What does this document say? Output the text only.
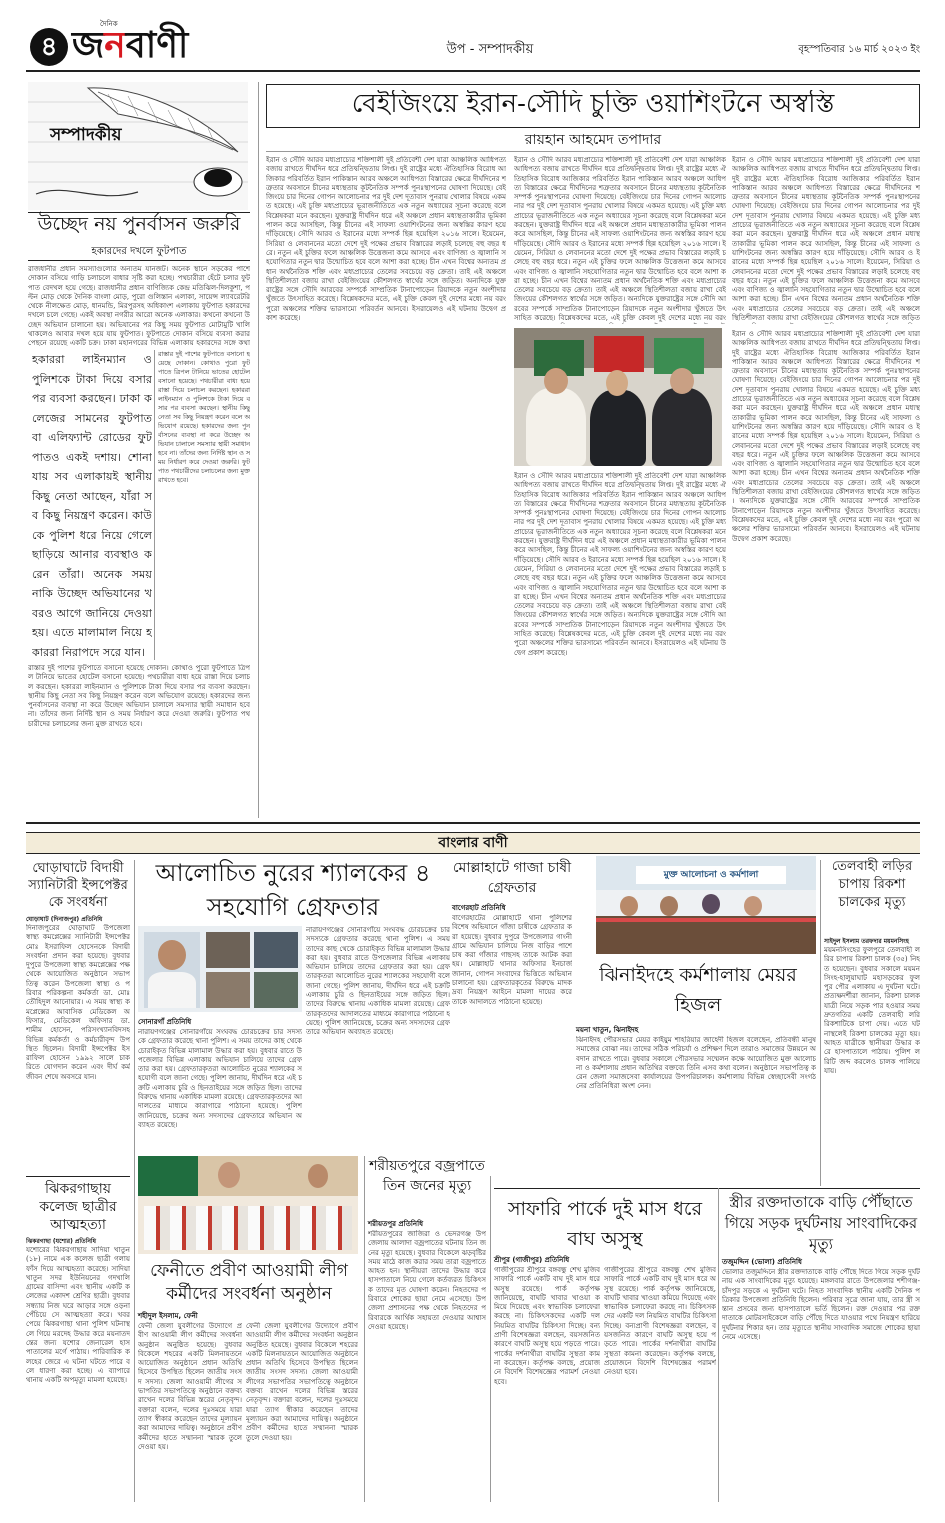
৪ জনবাণী
দৈনিক
উপ - সম্পাদকীয়	বৃহস্পতিবার ১৬ মার্চ ২০২৩ ইং
সম্পাদকীয়
উচ্ছেদ নয় পুনর্বাসন জরুরি
হকারদের দখলে ফুটপাত
রাজধানীর প্রধান সমস্যাগুলোর অন্যতম যানজট। অনেক স্থানে সড়কের পাশে দোকান বসিয়ে গাড়ি চলাচলে বাধার সৃষ্টি করা হচ্ছে। পথচারীরা হেঁটে চলার ফুটপাত বেদখল হয়ে গেছে। রাজধানীর প্রধান বাণিজ্যিক কেন্দ্র মতিঝিল-দিলকুশা, পল্টন মোড় থেকে দৈনিক বাংলা মোড়, পুরো গুলিস্তান এলাকা, সায়েন্স ল্যাবরেটরি থেকে নীলক্ষেত মোড়, ধানমন্ডি, মিরপুরসহ অধিকাংশ এলাকায় ফুটপাত হকারদের দখলে চলে গেছে। একই অবস্থা নগরীর আরো অনেক এলাকার। কখনো কখনো উচ্ছেদ অভিযান চালানো হয়। অভিযানের পর কিছু সময় ফুটপাত মোটামুটি খালি থাকলেও আবার দখল হয়ে যায় ফুটপাত। ফুটপাতে দোকান বসিয়ে ব্যবসা করার পেছনে রয়েছে একটি চক্র। ঢাকা মহানগরের বিভিন্ন এলাকায় হকারদের সঙ্গে কথা
হকাররা লাইনম্যান ও পুলিশকে টাকা দিয়ে বসার পর ব্যবসা করছেন। ঢাকা কলেজের সামনের ফুটপাত বা এলিফ্যান্ট রোডের ফুটপাতও একই দশায়। শোনা যায় সব এলাকায়ই স্থানীয় কিছু নেতা আছেন, যাঁরা সব কিছু নিয়ন্ত্রণ করেন। কাউকে পুলিশ ধরে নিয়ে গেলে ছাড়িয়ে আনার ব্যবস্থাও করেন তাঁরা। অনেক সময় নাকি উচ্ছেদ অভিযানের খবরও আগে জানিয়ে দেওয়া হয়। এতে মালামাল নিয়ে হকাররা নিরাপদে সরে যান।
রাস্তার দুই পাশের ফুটপাতে বসানো হয়েছে দোকান। কোথাও পুরো ফুটপাতে ত্রিপল টানিয়ে ভাতের হোটেল বসানো হয়েছে। পথচারীরা বাধ্য হয়ে রাস্তা দিয়ে চলাচল করছেন। হকাররা লাইনম্যান ও পুলিশকে টাকা দিয়ে বসার পর ব্যবসা করছেন। স্থানীয় কিছু নেতা সব কিছু নিয়ন্ত্রণ করেন বলে অভিযোগ রয়েছে। হকারদের জন্য পুনর্বাসনের ব্যবস্থা না করে উচ্ছেদ অভিযান চালালে সমস্যার স্থায়ী সমাধান হবে না। তাঁদের জন্য নির্দিষ্ট স্থান ও সময় নির্ধারণ করে দেওয়া জরুরি। ফুটপাত পথচারীদের চলাচলের জন্য মুক্ত রাখতে হবে।
রাস্তার দুই পাশের ফুটপাতে বসানো হয়েছে দোকান। কোথাও পুরো ফুটপাতে ত্রিপল টানিয়ে ভাতের হোটেল বসানো হয়েছে। পথচারীরা বাধ্য হয়ে রাস্তা দিয়ে চলাচল করছেন। হকাররা লাইনম্যান ও পুলিশকে টাকা দিয়ে বসার পর ব্যবসা করছেন। স্থানীয় কিছু নেতা সব কিছু নিয়ন্ত্রণ করেন বলে অভিযোগ রয়েছে। হকারদের জন্য পুনর্বাসনের ব্যবস্থা না করে উচ্ছেদ অভিযান চালালে সমস্যার স্থায়ী সমাধান হবে না। তাঁদের জন্য নির্দিষ্ট স্থান ও সময় নির্ধারণ করে দেওয়া জরুরি। ফুটপাত পথচারীদের চলাচলের জন্য মুক্ত রাখতে হবে।
বেইজিংয়ে ইরান-সৌদি চুক্তি ওয়াশিংটনে অস্বস্তি
রায়হান আহমেদ তপাদার
ইরান ও সৌদি আরব মধ্যপ্রাচ্যের শক্তিশালী দুই প্রতিবেশী দেশ যারা আঞ্চলিক আধিপত্য বজায় রাখতে দীর্ঘদিন ধরে প্রতিদ্বন্দ্বিতায় লিপ্ত। দুই রাষ্ট্রের মধ্যে ঐতিহাসিক বিরোধ আজিকার পরিবর্তিত ইরান পাকিস্তান আরব অঞ্চলে আধিপত্য বিস্তারের ক্ষেত্রে দীর্ঘদিনের শত্রুতার অবসানে চীনের মধ্যস্থতায় কূটনৈতিক সম্পর্ক পুনঃস্থাপনের ঘোষণা দিয়েছে। বেইজিংয়ে চার দিনের গোপন আলোচনার পর দুই দেশ দূতাবাস পুনরায় খোলার বিষয়ে একমত হয়েছে। এই চুক্তি মধ্যপ্রাচ্যের ভূরাজনীতিতে এক নতুন অধ্যায়ের সূচনা করেছে বলে বিশ্লেষকরা মনে করছেন। যুক্তরাষ্ট্র দীর্ঘদিন ধরে এই অঞ্চলে প্রধান মধ্যস্থতাকারীর ভূমিকা পালন করে আসছিল, কিন্তু চীনের এই সাফল্য ওয়াশিংটনের জন্য অস্বস্তির কারণ হয়ে দাঁড়িয়েছে। সৌদি আরব ও ইরানের মধ্যে সম্পর্ক ছিন্ন হয়েছিল ২০১৬ সালে। ইয়েমেন, সিরিয়া ও লেবাননের মতো দেশে দুই পক্ষের প্রভাব বিস্তারের লড়াই চলেছে বহু বছর ধরে। নতুন এই চুক্তির ফলে আঞ্চলিক উত্তেজনা কমে আসবে এবং বাণিজ্য ও জ্বালানি সহযোগিতার নতুন দ্বার উন্মোচিত হবে বলে আশা করা হচ্ছে। চীন এখন বিশ্বের অন্যতম প্রধান অর্থনৈতিক শক্তি এবং মধ্যপ্রাচ্যের তেলের সবচেয়ে বড় ক্রেতা। তাই এই অঞ্চলে স্থিতিশীলতা বজায় রাখা বেইজিংয়ের কৌশলগত স্বার্থের সঙ্গে জড়িত। অন্যদিকে যুক্তরাষ্ট্রের সঙ্গে সৌদি আরবের সম্পর্কে সাম্প্রতিক টানাপোড়েন রিয়াদকে নতুন অংশীদার খুঁজতে উৎসাহিত করেছে। বিশ্লেষকদের মতে, এই চুক্তি কেবল দুই দেশের মধ্যে নয় বরং পুরো অঞ্চলের শক্তির ভারসাম্যে পরিবর্তন আনবে। ইসরায়েলও এই ঘটনায় উদ্বেগ প্রকাশ করেছে।
ইরান ও সৌদি আরব মধ্যপ্রাচ্যের শক্তিশালী দুই প্রতিবেশী দেশ যারা আঞ্চলিক আধিপত্য বজায় রাখতে দীর্ঘদিন ধরে প্রতিদ্বন্দ্বিতায় লিপ্ত। দুই রাষ্ট্রের মধ্যে ঐতিহাসিক বিরোধ আজিকার পরিবর্তিত ইরান পাকিস্তান আরব অঞ্চলে আধিপত্য বিস্তারের ক্ষেত্রে দীর্ঘদিনের শত্রুতার অবসানে চীনের মধ্যস্থতায় কূটনৈতিক সম্পর্ক পুনঃস্থাপনের ঘোষণা দিয়েছে। বেইজিংয়ে চার দিনের গোপন আলোচনার পর দুই দেশ দূতাবাস পুনরায় খোলার বিষয়ে একমত হয়েছে। এই চুক্তি মধ্যপ্রাচ্যের ভূরাজনীতিতে এক নতুন অধ্যায়ের সূচনা করেছে বলে বিশ্লেষকরা মনে করছেন। যুক্তরাষ্ট্র দীর্ঘদিন ধরে এই অঞ্চলে প্রধান মধ্যস্থতাকারীর ভূমিকা পালন করে আসছিল, কিন্তু চীনের এই সাফল্য ওয়াশিংটনের জন্য অস্বস্তির কারণ হয়ে দাঁড়িয়েছে। সৌদি আরব ও ইরানের মধ্যে সম্পর্ক ছিন্ন হয়েছিল ২০১৬ সালে। ইয়েমেন, সিরিয়া ও লেবাননের মতো দেশে দুই পক্ষের প্রভাব বিস্তারের লড়াই চলেছে বহু বছর ধরে। নতুন এই চুক্তির ফলে আঞ্চলিক উত্তেজনা কমে আসবে এবং বাণিজ্য ও জ্বালানি সহযোগিতার নতুন দ্বার উন্মোচিত হবে বলে আশা করা হচ্ছে। চীন এখন বিশ্বের অন্যতম প্রধান অর্থনৈতিক শক্তি এবং মধ্যপ্রাচ্যের তেলের সবচেয়ে বড় ক্রেতা। তাই এই অঞ্চলে স্থিতিশীলতা বজায় রাখা বেইজিংয়ের কৌশলগত স্বার্থের সঙ্গে জড়িত। অন্যদিকে যুক্তরাষ্ট্রের সঙ্গে সৌদি আরবের সম্পর্কে সাম্প্রতিক টানাপোড়েন রিয়াদকে নতুন অংশীদার খুঁজতে উৎসাহিত করেছে। বিশ্লেষকদের মতে, এই চুক্তি কেবল দুই দেশের মধ্যে নয় বরং
ইরান ও সৌদি আরব মধ্যপ্রাচ্যের শক্তিশালী দুই প্রতিবেশী দেশ যারা আঞ্চলিক আধিপত্য বজায় রাখতে দীর্ঘদিন ধরে প্রতিদ্বন্দ্বিতায় লিপ্ত। দুই রাষ্ট্রের মধ্যে ঐতিহাসিক বিরোধ আজিকার পরিবর্তিত ইরান পাকিস্তান আরব অঞ্চলে আধিপত্য বিস্তারের ক্ষেত্রে দীর্ঘদিনের শত্রুতার অবসানে চীনের মধ্যস্থতায় কূটনৈতিক সম্পর্ক পুনঃস্থাপনের ঘোষণা দিয়েছে। বেইজিংয়ে চার দিনের গোপন আলোচনার পর দুই দেশ দূতাবাস পুনরায় খোলার বিষয়ে একমত হয়েছে। এই চুক্তি মধ্যপ্রাচ্যের ভূরাজনীতিতে এক নতুন অধ্যায়ের সূচনা করেছে বলে বিশ্লেষকরা মনে করছেন। যুক্তরাষ্ট্র দীর্ঘদিন ধরে এই অঞ্চলে প্রধান মধ্যস্থতাকারীর ভূমিকা পালন করে আসছিল, কিন্তু চীনের এই সাফল্য ওয়াশিংটনের জন্য অস্বস্তির কারণ হয়ে দাঁড়িয়েছে। সৌদি আরব ও ইরানের মধ্যে সম্পর্ক ছিন্ন হয়েছিল ২০১৬ সালে। ইয়েমেন, সিরিয়া ও লেবাননের মতো দেশে দুই পক্ষের প্রভাব বিস্তারের লড়াই চলেছে বহু বছর ধরে। নতুন এই চুক্তির ফলে আঞ্চলিক উত্তেজনা কমে আসবে এবং বাণিজ্য ও জ্বালানি সহযোগিতার নতুন দ্বার উন্মোচিত হবে বলে আশা করা হচ্ছে। চীন এখন বিশ্বের অন্যতম প্রধান অর্থনৈতিক শক্তি এবং মধ্যপ্রাচ্যের তেলের সবচেয়ে বড় ক্রেতা। তাই এই অঞ্চলে স্থিতিশীলতা বজায় রাখা বেইজিংয়ের কৌশলগত স্বার্থের সঙ্গে জড়িত
ইরান ও সৌদি আরব মধ্যপ্রাচ্যের শক্তিশালী দুই প্রতিবেশী দেশ যারা আঞ্চলিক আধিপত্য বজায় রাখতে দীর্ঘদিন ধরে প্রতিদ্বন্দ্বিতায় লিপ্ত। দুই রাষ্ট্রের মধ্যে ঐতিহাসিক বিরোধ আজিকার পরিবর্তিত ইরান পাকিস্তান আরব অঞ্চলে আধিপত্য বিস্তারের ক্ষেত্রে দীর্ঘদিনের শত্রুতার অবসানে চীনের মধ্যস্থতায় কূটনৈতিক সম্পর্ক পুনঃস্থাপনের ঘোষণা দিয়েছে। বেইজিংয়ে চার দিনের গোপন আলোচনার পর দুই দেশ দূতাবাস পুনরায় খোলার বিষয়ে একমত হয়েছে। এই চুক্তি মধ্যপ্রাচ্যের ভূরাজনীতিতে এক নতুন অধ্যায়ের সূচনা করেছে বলে বিশ্লেষকরা মনে করছেন। যুক্তরাষ্ট্র দীর্ঘদিন ধরে এই অঞ্চলে প্রধান মধ্যস্থতাকারীর ভূমিকা পালন করে আসছিল, কিন্তু চীনের এই সাফল্য ওয়াশিংটনের জন্য অস্বস্তির কারণ হয়ে দাঁড়িয়েছে। সৌদি আরব ও ইরানের মধ্যে সম্পর্ক ছিন্ন হয়েছিল ২০১৬ সালে। ইয়েমেন, সিরিয়া ও লেবাননের মতো দেশে দুই পক্ষের প্রভাব বিস্তারের লড়াই চলেছে বহু বছর ধরে। নতুন এই চুক্তির ফলে আঞ্চলিক উত্তেজনা কমে আসবে এবং বাণিজ্য ও জ্বালানি সহযোগিতার নতুন দ্বার উন্মোচিত হবে বলে আশা করা হচ্ছে। চীন এখন বিশ্বের অন্যতম প্রধান অর্থনৈতিক শক্তি এবং মধ্যপ্রাচ্যের তেলের সবচেয়ে বড় ক্রেতা। তাই এই অঞ্চলে স্থিতিশীলতা বজায় রাখা বেইজিংয়ের কৌশলগত স্বার্থের সঙ্গে জড়িত। অন্যদিকে যুক্তরাষ্ট্রের সঙ্গে সৌদি আরবের সম্পর্কে সাম্প্রতিক টানাপোড়েন রিয়াদকে নতুন অংশীদার খুঁজতে উৎসাহিত করেছে। বিশ্লেষকদের মতে, এই চুক্তি কেবল দুই দেশের মধ্যে নয় বরং পুরো অঞ্চলের শক্তির ভারসাম্যে পরিবর্তন আনবে। ইসরায়েলও এই ঘটনায় উদ্বেগ প্রকাশ করেছে।
ইরান ও সৌদি আরব মধ্যপ্রাচ্যের শক্তিশালী দুই প্রতিবেশী দেশ যারা আঞ্চলিক আধিপত্য বজায় রাখতে দীর্ঘদিন ধরে প্রতিদ্বন্দ্বিতায় লিপ্ত। দুই রাষ্ট্রের মধ্যে ঐতিহাসিক বিরোধ আজিকার পরিবর্তিত ইরান পাকিস্তান আরব অঞ্চলে আধিপত্য বিস্তারের ক্ষেত্রে দীর্ঘদিনের শত্রুতার অবসানে চীনের মধ্যস্থতায় কূটনৈতিক সম্পর্ক পুনঃস্থাপনের ঘোষণা দিয়েছে। বেইজিংয়ে চার দিনের গোপন আলোচনার পর দুই দেশ দূতাবাস পুনরায় খোলার বিষয়ে একমত হয়েছে। এই চুক্তি মধ্যপ্রাচ্যের ভূরাজনীতিতে এক নতুন অধ্যায়ের সূচনা করেছে বলে বিশ্লেষকরা মনে করছেন। যুক্তরাষ্ট্র দীর্ঘদিন ধরে এই অঞ্চলে প্রধান মধ্যস্থতাকারীর ভূমিকা পালন করে আসছিল, কিন্তু চীনের এই সাফল্য ওয়াশিংটনের জন্য অস্বস্তির কারণ হয়ে দাঁড়িয়েছে। সৌদি আরব ও ইরানের মধ্যে সম্পর্ক ছিন্ন হয়েছিল ২০১৬ সালে। ইয়েমেন, সিরিয়া ও লেবাননের মতো দেশে দুই পক্ষের প্রভাব বিস্তারের লড়াই চলেছে বহু বছর ধরে। নতুন এই চুক্তির ফলে আঞ্চলিক উত্তেজনা কমে আসবে এবং বাণিজ্য ও জ্বালানি সহযোগিতার নতুন দ্বার উন্মোচিত হবে বলে আশা করা হচ্ছে। চীন এখন বিশ্বের অন্যতম প্রধান অর্থনৈতিক শক্তি এবং মধ্যপ্রাচ্যের তেলের সবচেয়ে বড় ক্রেতা। তাই এই অঞ্চলে স্থিতিশীলতা বজায় রাখা বেইজিংয়ের কৌশলগত স্বার্থের সঙ্গে জড়িত। অন্যদিকে যুক্তরাষ্ট্রের সঙ্গে সৌদি আরবের সম্পর্কে সাম্প্রতিক টানাপোড়েন রিয়াদকে নতুন অংশীদার খুঁজতে উৎসাহিত করেছে। বিশ্লেষকদের মতে, এই চুক্তি কেবল দুই দেশের মধ্যে নয় বরং পুরো অঞ্চলের শক্তির ভারসাম্যে পরিবর্তন আনবে। ইসরায়েলও এই ঘটনায় উদ্বেগ প্রকাশ করেছে।
বাংলার বাণী
ঘোড়াঘাটে বিদায়ী স্যানিটারী ইন্সপেক্টর কে সংবর্ধনা
ঘোড়াঘাট (দিনাজপুর) প্রতিনিধি
দিনাজপুরের ঘোড়াঘাট উপজেলা স্বাস্থ্য কমপ্লেক্সের স্যানিটারী ইন্সপেক্টর মোঃ ইসরাফিল হোসেনকে বিদায়ী সংবর্ধনা প্রদান করা হয়েছে। বুধবার দুপুরে উপজেলা স্বাস্থ্য কমপ্লেক্সের পক্ষ থেকে আয়োজিত অনুষ্ঠানে সভাপতিত্ব করেন উপজেলা স্বাস্থ্য ও পরিবার পরিকল্পনা কর্মকর্তা ডা. মোঃ তৌহিদুল আনোয়ার। এ সময় স্বাস্থ্য কমপ্লেক্সের আবাসিক মেডিকেল অফিসার, মেডিকেল অফিসার ডা. শামীম হোসেন, পরিসংখ্যানবিদসহ বিভিন্ন কর্মকর্তা ও কর্মচারীবৃন্দ উপস্থিত ছিলেন। বিদায়ী ইন্সপেক্টর ইসরাফিল হোসেন ১৯৯২ সালে চাকরিতে যোগদান করেন এবং দীর্ঘ কর্মজীবন শেষে অবসরে যান।
ঝিকরগাছায় কলেজ ছাত্রীর আত্মহত্যা
ঝিকরগাছা (যশোর) প্রতিনিধি
যশোরের ঝিকরগাছায় সাদিয়া খাতুন (১৮) নামে এক কলেজ ছাত্রী গলায় ফাঁস দিয়ে আত্মহত্যা করেছে। সাদিয়া খাতুন সদর ইউনিয়নের গদখালি গ্রামের বাসিন্দা এবং স্থানীয় একটি কলেজের একাদশ শ্রেণির ছাত্রী। বুধবার সন্ধ্যায় নিজ ঘরে আড়ার সঙ্গে ওড়না পেঁচিয়ে সে আত্মহত্যা করে। খবর পেয়ে ঝিকরগাছা থানা পুলিশ ঘটনাস্থলে গিয়ে মরদেহ উদ্ধার করে ময়নাতদন্তের জন্য যশোর জেনারেল হাসপাতালের মর্গে পাঠায়। পারিবারিক কলহের জেরে এ ঘটনা ঘটতে পারে বলে ধারণা করা হচ্ছে। এ ব্যাপারে থানায় একটি অপমৃত্যু মামলা হয়েছে।
আলোচিত নুরের শ্যালকের ৪ সহযোগি গ্রেফতার
সোনারগাঁ প্রতিনিধি
নারায়ণগঞ্জের সোনারগাঁয়ে সংঘবদ্ধ চোরচক্রের চার সদস্যকে গ্রেফতার করেছে থানা পুলিশ। এ সময় তাদের কাছ থেকে চোরাইকৃত বিভিন্ন মালামাল উদ্ধার করা হয়। বুধবার রাতে উপজেলার বিভিন্ন এলাকায় অভিযান চালিয়ে তাদের গ্রেফতার করা হয়। গ্রেফতারকৃতরা আলোচিত নুরের শ্যালকের সহযোগী বলে জানা গেছে। পুলিশ জানায়, দীর্ঘদিন ধরে এই চক্রটি এলাকায় চুরি ও ছিনতাইয়ের সঙ্গে জড়িত ছিল। তাদের বিরুদ্ধে থানায় একাধিক মামলা রয়েছে। গ্রেফতারকৃতদের আদালতের মাধ্যমে কারাগারে পাঠানো হয়েছে। পুলিশ জানিয়েছে, চক্রের অন্য সদস্যদের গ্রেফতারে অভিযান অব্যাহত রয়েছে।
নারায়ণগঞ্জের সোনারগাঁয়ে সংঘবদ্ধ চোরচক্রের চার সদস্যকে গ্রেফতার করেছে থানা পুলিশ। এ সময় তাদের কাছ থেকে চোরাইকৃত বিভিন্ন মালামাল উদ্ধার করা হয়। বুধবার রাতে উপজেলার বিভিন্ন এলাকায় অভিযান চালিয়ে তাদের গ্রেফতার করা হয়। গ্রেফতারকৃতরা আলোচিত নুরের শ্যালকের সহযোগী বলে জানা গেছে। পুলিশ জানায়, দীর্ঘদিন ধরে এই চক্রটি এলাকায় চুরি ও ছিনতাইয়ের সঙ্গে জড়িত ছিল। তাদের বিরুদ্ধে থানায় একাধিক মামলা রয়েছে। গ্রেফতারকৃতদের আদালতের মাধ্যমে কারাগারে পাঠানো হয়েছে। পুলিশ জানিয়েছে, চক্রের অন্য সদস্যদের গ্রেফতারে অভিযান অব্যাহত রয়েছে।
ফেনীতে প্রবীণ আওয়ামী লীগ কর্মীদের সংবর্ধনা অনুষ্ঠান
শহীদুল ইসলাম, ফেনী
ফেনী জেলা যুবলীগের উদ্যোগে প্রবীণ আওয়ামী লীগ কর্মীদের সংবর্ধনা অনুষ্ঠান অনুষ্ঠিত হয়েছে। বুধবার বিকেলে শহরের একটি মিলনায়তনে আয়োজিত অনুষ্ঠানে প্রধান অতিথি হিসেবে উপস্থিত ছিলেন জাতীয় সংসদ সদস্য। জেলা আওয়ামী লীগের সভাপতির সভাপতিত্বে অনুষ্ঠানে বক্তব্য রাখেন দলের বিভিন্ন স্তরের নেতৃবৃন্দ। বক্তারা বলেন, দলের দুঃসময়ে যারা ত্যাগ স্বীকার করেছেন তাদের মূল্যায়ন করা আমাদের দায়িত্ব। অনুষ্ঠানে প্রবীণ কর্মীদের হাতে সম্মাননা স্মারক তুলে দেওয়া হয়।
ফেনী জেলা যুবলীগের উদ্যোগে প্রবীণ আওয়ামী লীগ কর্মীদের সংবর্ধনা অনুষ্ঠান অনুষ্ঠিত হয়েছে। বুধবার বিকেলে শহরের একটি মিলনায়তনে আয়োজিত অনুষ্ঠানে প্রধান অতিথি হিসেবে উপস্থিত ছিলেন জাতীয় সংসদ সদস্য। জেলা আওয়ামী লীগের সভাপতির সভাপতিত্বে অনুষ্ঠানে বক্তব্য রাখেন দলের বিভিন্ন স্তরের নেতৃবৃন্দ। বক্তারা বলেন, দলের দুঃসময়ে যারা ত্যাগ স্বীকার করেছেন তাদের মূল্যায়ন করা আমাদের দায়িত্ব। অনুষ্ঠানে প্রবীণ কর্মীদের হাতে সম্মাননা স্মারক তুলে দেওয়া হয়।
মোল্লাহাটে গাজা চাষী গ্রেফতার
বাগেরহাট প্রতিনিধি
বাগেরহাটের মোল্লাহাটে থানা পুলিশের বিশেষ অভিযানে গাঁজা চাষীকে গ্রেফতার করা হয়েছে। বুধবার দুপুরে উপজেলার গাংনী গ্রামে অভিযান চালিয়ে নিজ বাড়ির পাশে চাষ করা গাঁজার গাছসহ তাকে আটক করা হয়। মোল্লাহাট থানার অফিসার ইনচার্জ জানান, গোপন সংবাদের ভিত্তিতে অভিযান চালানো হয়। গ্রেফতারকৃতের বিরুদ্ধে মাদকদ্রব্য নিয়ন্ত্রণ আইনে মামলা দায়ের করে তাকে আদালতে পাঠানো হয়েছে।
শরীয়তপুরে বজ্রপাতে তিন জনের মৃত্যু
শরীয়তপুর প্রতিনিধি
শরীয়তপুরের জাজিরা ও ভেদরগঞ্জ উপজেলায় আলাদা বজ্রপাতের ঘটনায় তিন জনের মৃত্যু হয়েছে। বুধবার বিকেলে ঝড়বৃষ্টির সময় মাঠে কাজ করার সময় তারা বজ্রপাতে আহত হন। স্থানীয়রা তাদের উদ্ধার করে হাসপাতালে নিয়ে গেলে কর্তব্যরত চিকিৎসক তাদের মৃত ঘোষণা করেন। নিহতদের পরিবারে শোকের ছায়া নেমে এসেছে। উপজেলা প্রশাসনের পক্ষ থেকে নিহতদের পরিবারকে আর্থিক সহায়তা দেওয়ার আশ্বাস দেওয়া হয়েছে।
মুক্ত আলোচনা ও কর্মশালা
ঝিনাইদহে কর্মশালায় মেয়র হিজল
ময়না খাতুন, ঝিনাইদহ
ঝিনাইদহ পৌরসভার মেয়র কাইয়ুম শাহরিয়ার জাহেদী হিজল বলেছেন, প্রতিবন্ধী মানুষ সমাজের বোঝা নয়। তাদের সঠিক পরিচর্যা ও প্রশিক্ষণ দিলে তারাও সমাজের উন্নয়নে অবদান রাখতে পারে। বুধবার সকালে পৌরসভার সম্মেলন কক্ষে আয়োজিত মুক্ত আলোচনা ও কর্মশালায় প্রধান অতিথির বক্তব্যে তিনি এসব কথা বলেন। অনুষ্ঠানে সভাপতিত্ব করেন জেলা সমাজসেবা কার্যালয়ের উপপরিচালক। কর্মশালায় বিভিন্ন স্বেচ্ছাসেবী সংগঠনের প্রতিনিধিরা অংশ নেন।
সাফারি পার্কে দুই মাস ধরে বাঘ অসুস্থ
শ্রীপুর (গাজীপুর) প্রতিনিধি
গাজীপুরের শ্রীপুরে বঙ্গবন্ধু শেখ মুজিব সাফারি পার্কে একটি বাঘ দুই মাস ধরে অসুস্থ রয়েছে। পার্ক কর্তৃপক্ষ জানিয়েছে, বাঘটি খাবার খাওয়া কমিয়ে দিয়েছে এবং স্বাভাবিক চলাফেরা করছে না। চিকিৎসকদের একটি দল নিয়মিত বাঘটির চিকিৎসা দিচ্ছে। বন্যপ্রাণী বিশেষজ্ঞরা বলছেন, বয়সজনিত কারণে বাঘটি অসুস্থ হয়ে পড়তে পারে। পার্কের দর্শনার্থীরা বাঘটির সুস্থতা কামনা করেছেন। কর্তৃপক্ষ বলছে, প্রয়োজনে বিদেশি বিশেষজ্ঞের পরামর্শ নেওয়া হবে।
গাজীপুরের শ্রীপুরে বঙ্গবন্ধু শেখ মুজিব সাফারি পার্কে একটি বাঘ দুই মাস ধরে অসুস্থ রয়েছে। পার্ক কর্তৃপক্ষ জানিয়েছে, বাঘটি খাবার খাওয়া কমিয়ে দিয়েছে এবং স্বাভাবিক চলাফেরা করছে না। চিকিৎসকদের একটি দল নিয়মিত বাঘটির চিকিৎসা দিচ্ছে। বন্যপ্রাণী বিশেষজ্ঞরা বলছেন, বয়সজনিত কারণে বাঘটি অসুস্থ হয়ে পড়তে পারে। পার্কের দর্শনার্থীরা বাঘটির সুস্থতা কামনা করেছেন। কর্তৃপক্ষ বলছে, প্রয়োজনে বিদেশি বিশেষজ্ঞের পরামর্শ নেওয়া হবে।
তেলবাহী লড়ির চাপায় রিকশা চালকের মৃত্যু
সাইদুল ইসলাম তরফদার ময়মনসিংহ
ময়মনসিংহের ফুলপুরে তেলবাহী লরির চাপায় রিকশা চালক (৩৫) নিহত হয়েছেন। বুধবার সকালে ময়মনসিংহ-হালুয়াঘাট মহাসড়কের ফুলপুর পৌর এলাকায় এ দুর্ঘটনা ঘটে। প্রত্যক্ষদর্শীরা জানান, রিকশা চালক যাত্রী নিয়ে সড়ক পার হওয়ার সময় দ্রুতগতির একটি তেলবাহী লরি রিকশাটিকে চাপা দেয়। এতে ঘটনাস্থলেই রিকশা চালকের মৃত্যু হয়। আহত যাত্রীকে স্থানীয়রা উদ্ধার করে হাসপাতালে পাঠায়। পুলিশ লরিটি জব্দ করলেও চালক পালিয়ে যায়।
স্ত্রীর রক্তদাতাকে বাড়ি পৌঁছাতে গিয়ে সড়ক দুর্ঘটনায় সাংবাদিকের মৃত্যু
তজুমদ্দিন (ভোলা) প্রতিনিধি
ভোলার তজুমদ্দিনে স্ত্রীর রক্তদাতাকে বাড়ি পৌঁছে দিতে গিয়ে সড়ক দুর্ঘটনায় এক সাংবাদিকের মৃত্যু হয়েছে। মঙ্গলবার রাতে উপজেলার শশীগঞ্জ-চাঁদপুর সড়কে এ দুর্ঘটনা ঘটে। নিহত সাংবাদিক স্থানীয় একটি দৈনিক পত্রিকার উপজেলা প্রতিনিধি ছিলেন। পরিবার সূত্রে জানা যায়, তার স্ত্রী সন্তান প্রসবের জন্য হাসপাতালে ভর্তি ছিলেন। রক্ত দেওয়ার পর রক্তদাতাকে মোটরসাইকেলে বাড়ি পৌঁছে দিতে যাওয়ার পথে নিয়ন্ত্রণ হারিয়ে দুর্ঘটনার শিকার হন। তার মৃত্যুতে স্থানীয় সাংবাদিক সমাজে শোকের ছায়া নেমে এসেছে।
